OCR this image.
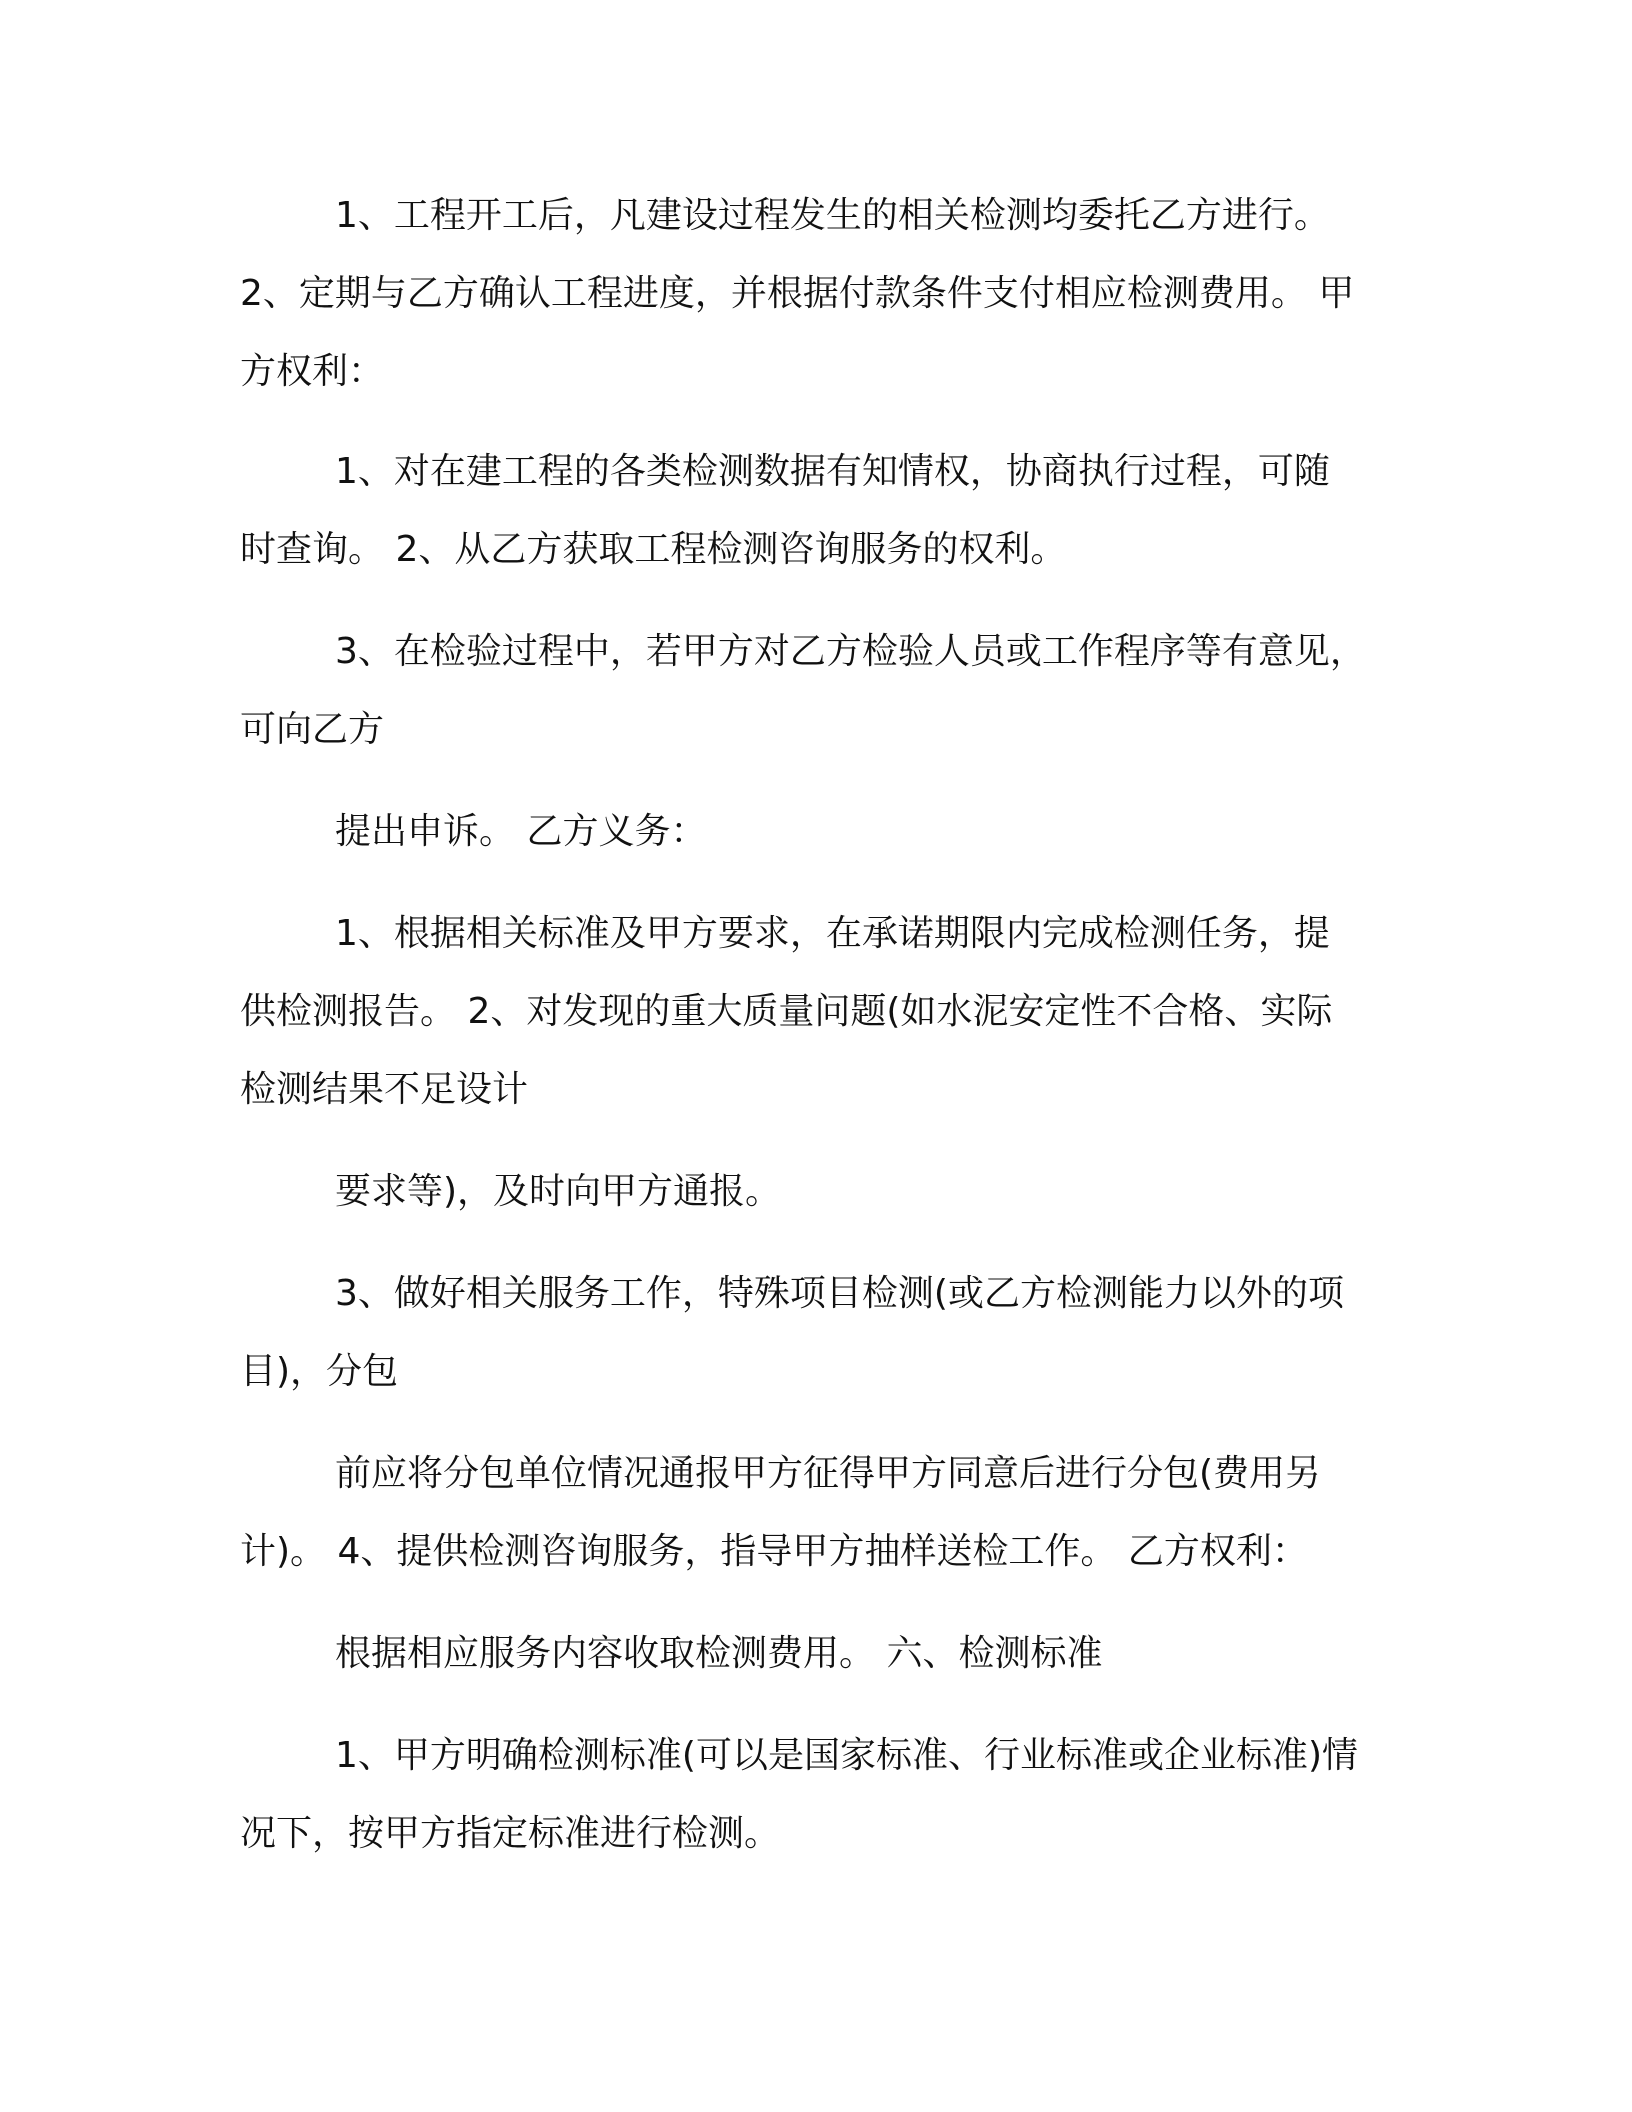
1、工程开工后，凡建设过程发生的相关检测均委托乙方进行。
2、定期与乙方确认工程进度，并根据付款条件支付相应检测费用。 甲
方权利：
1、对在建工程的各类检测数据有知情权，协商执行过程，可随
时查询。 2、从乙方获取工程检测咨询服务的权利。
3、在检验过程中，若甲方对乙方检验人员或工作程序等有意见，
可向乙方
提出申诉。 乙方义务：
1、根据相关标准及甲方要求，在承诺期限内完成检测任务，提
供检测报告。 2、对发现的重大质量问题(如水泥安定性不合格、实际
检测结果不足设计
要求等)，及时向甲方通报。
3、做好相关服务工作，特殊项目检测(或乙方检测能力以外的项
目)，分包
前应将分包单位情况通报甲方征得甲方同意后进行分包(费用另
计)。 4、提供检测咨询服务，指导甲方抽样送检工作。 乙方权利：
根据相应服务内容收取检测费用。 六、检测标准
1、甲方明确检测标准(可以是国家标准、行业标准或企业标准)情
况下，按甲方指定标准进行检测。
